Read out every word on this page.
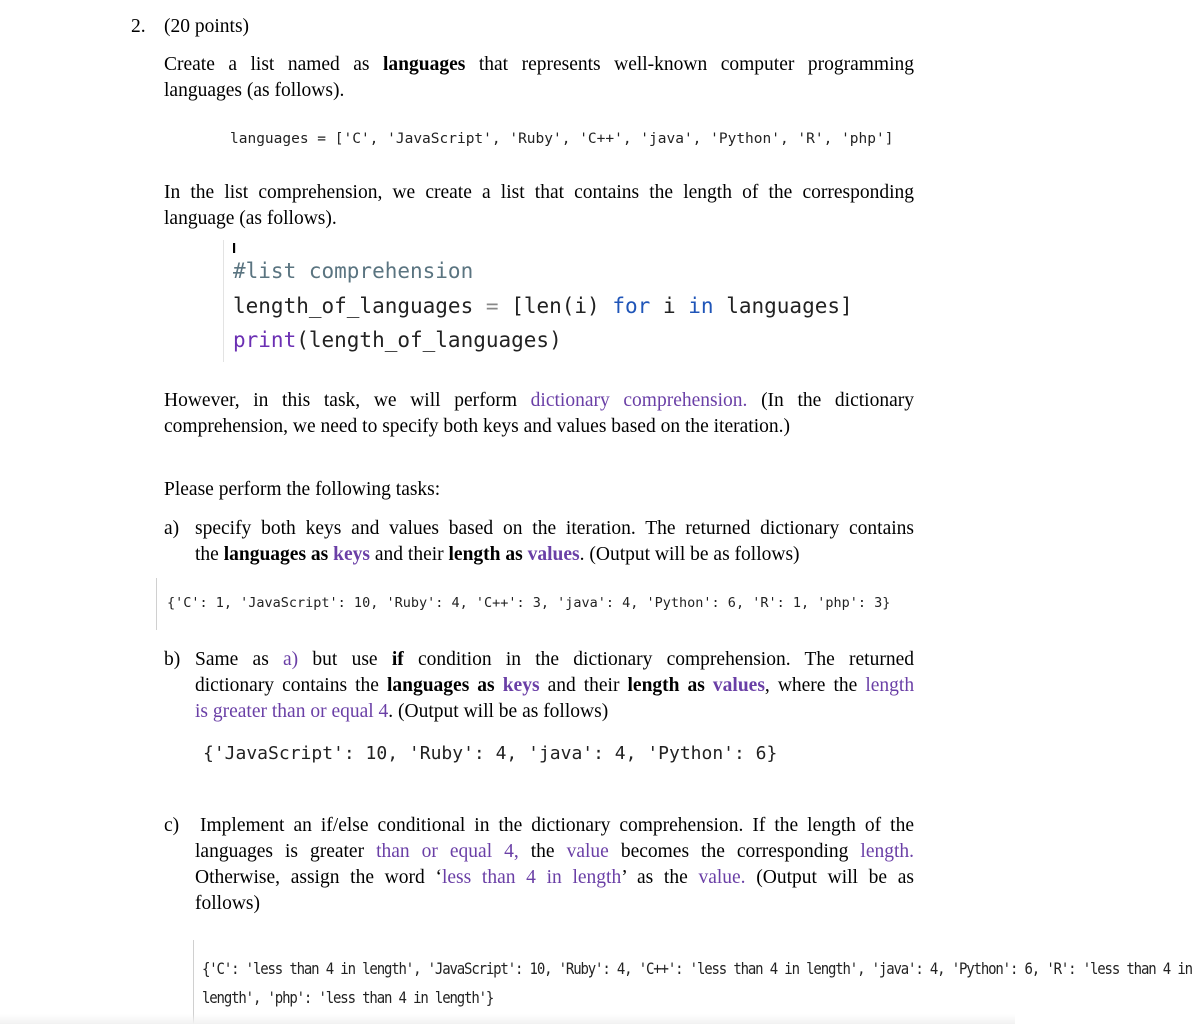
2. (20 points)
Create a list named as languages that represents well-known computer programming
languages (as follows).
languages = ['C', 'JavaScript', 'Ruby', 'C++', 'java', 'Python', 'R', 'php']
In the list comprehension, we create a list that contains the length of the corresponding
language (as follows).
I
#list comprehension
length_of_languages = [len(i) for i in languages]
print(length_of_languages)
However, in this task, we will perform dictionary comprehension. (In the dictionary
comprehension, we need to specify both keys and values based on the iteration.)
Please perform the following tasks:
a) specify both keys and values based on the iteration. The returned dictionary contains
the languages as keys and their length as values. (Output will be as follows)
{'C': 1, 'JavaScript': 10, 'Ruby': 4, 'C++': 3, 'java': 4, 'Python': 6, 'R': 1, 'php': 3}
b) Same as a) but use if condition in the dictionary comprehension. The returned
dictionary contains the languages as keys and their length as values, where the length
is greater than or equal 4. (Output will be as follows)
{'JavaScript': 10, 'Ruby': 4, 'java': 4, 'Python': 6}
c) Implement an if/else conditional in the dictionary comprehension. If the length of the
languages is greater than or equal 4, the value becomes the corresponding length.
Otherwise, assign the word ‘less than 4 in length’ as the value. (Output will be as
follows)
{'C': 'less than 4 in length', 'JavaScript': 10, 'Ruby': 4, 'C++': 'less than 4 in length', 'java': 4, 'Python': 6, 'R': 'less than 4 in
length', 'php': 'less than 4 in length'}
